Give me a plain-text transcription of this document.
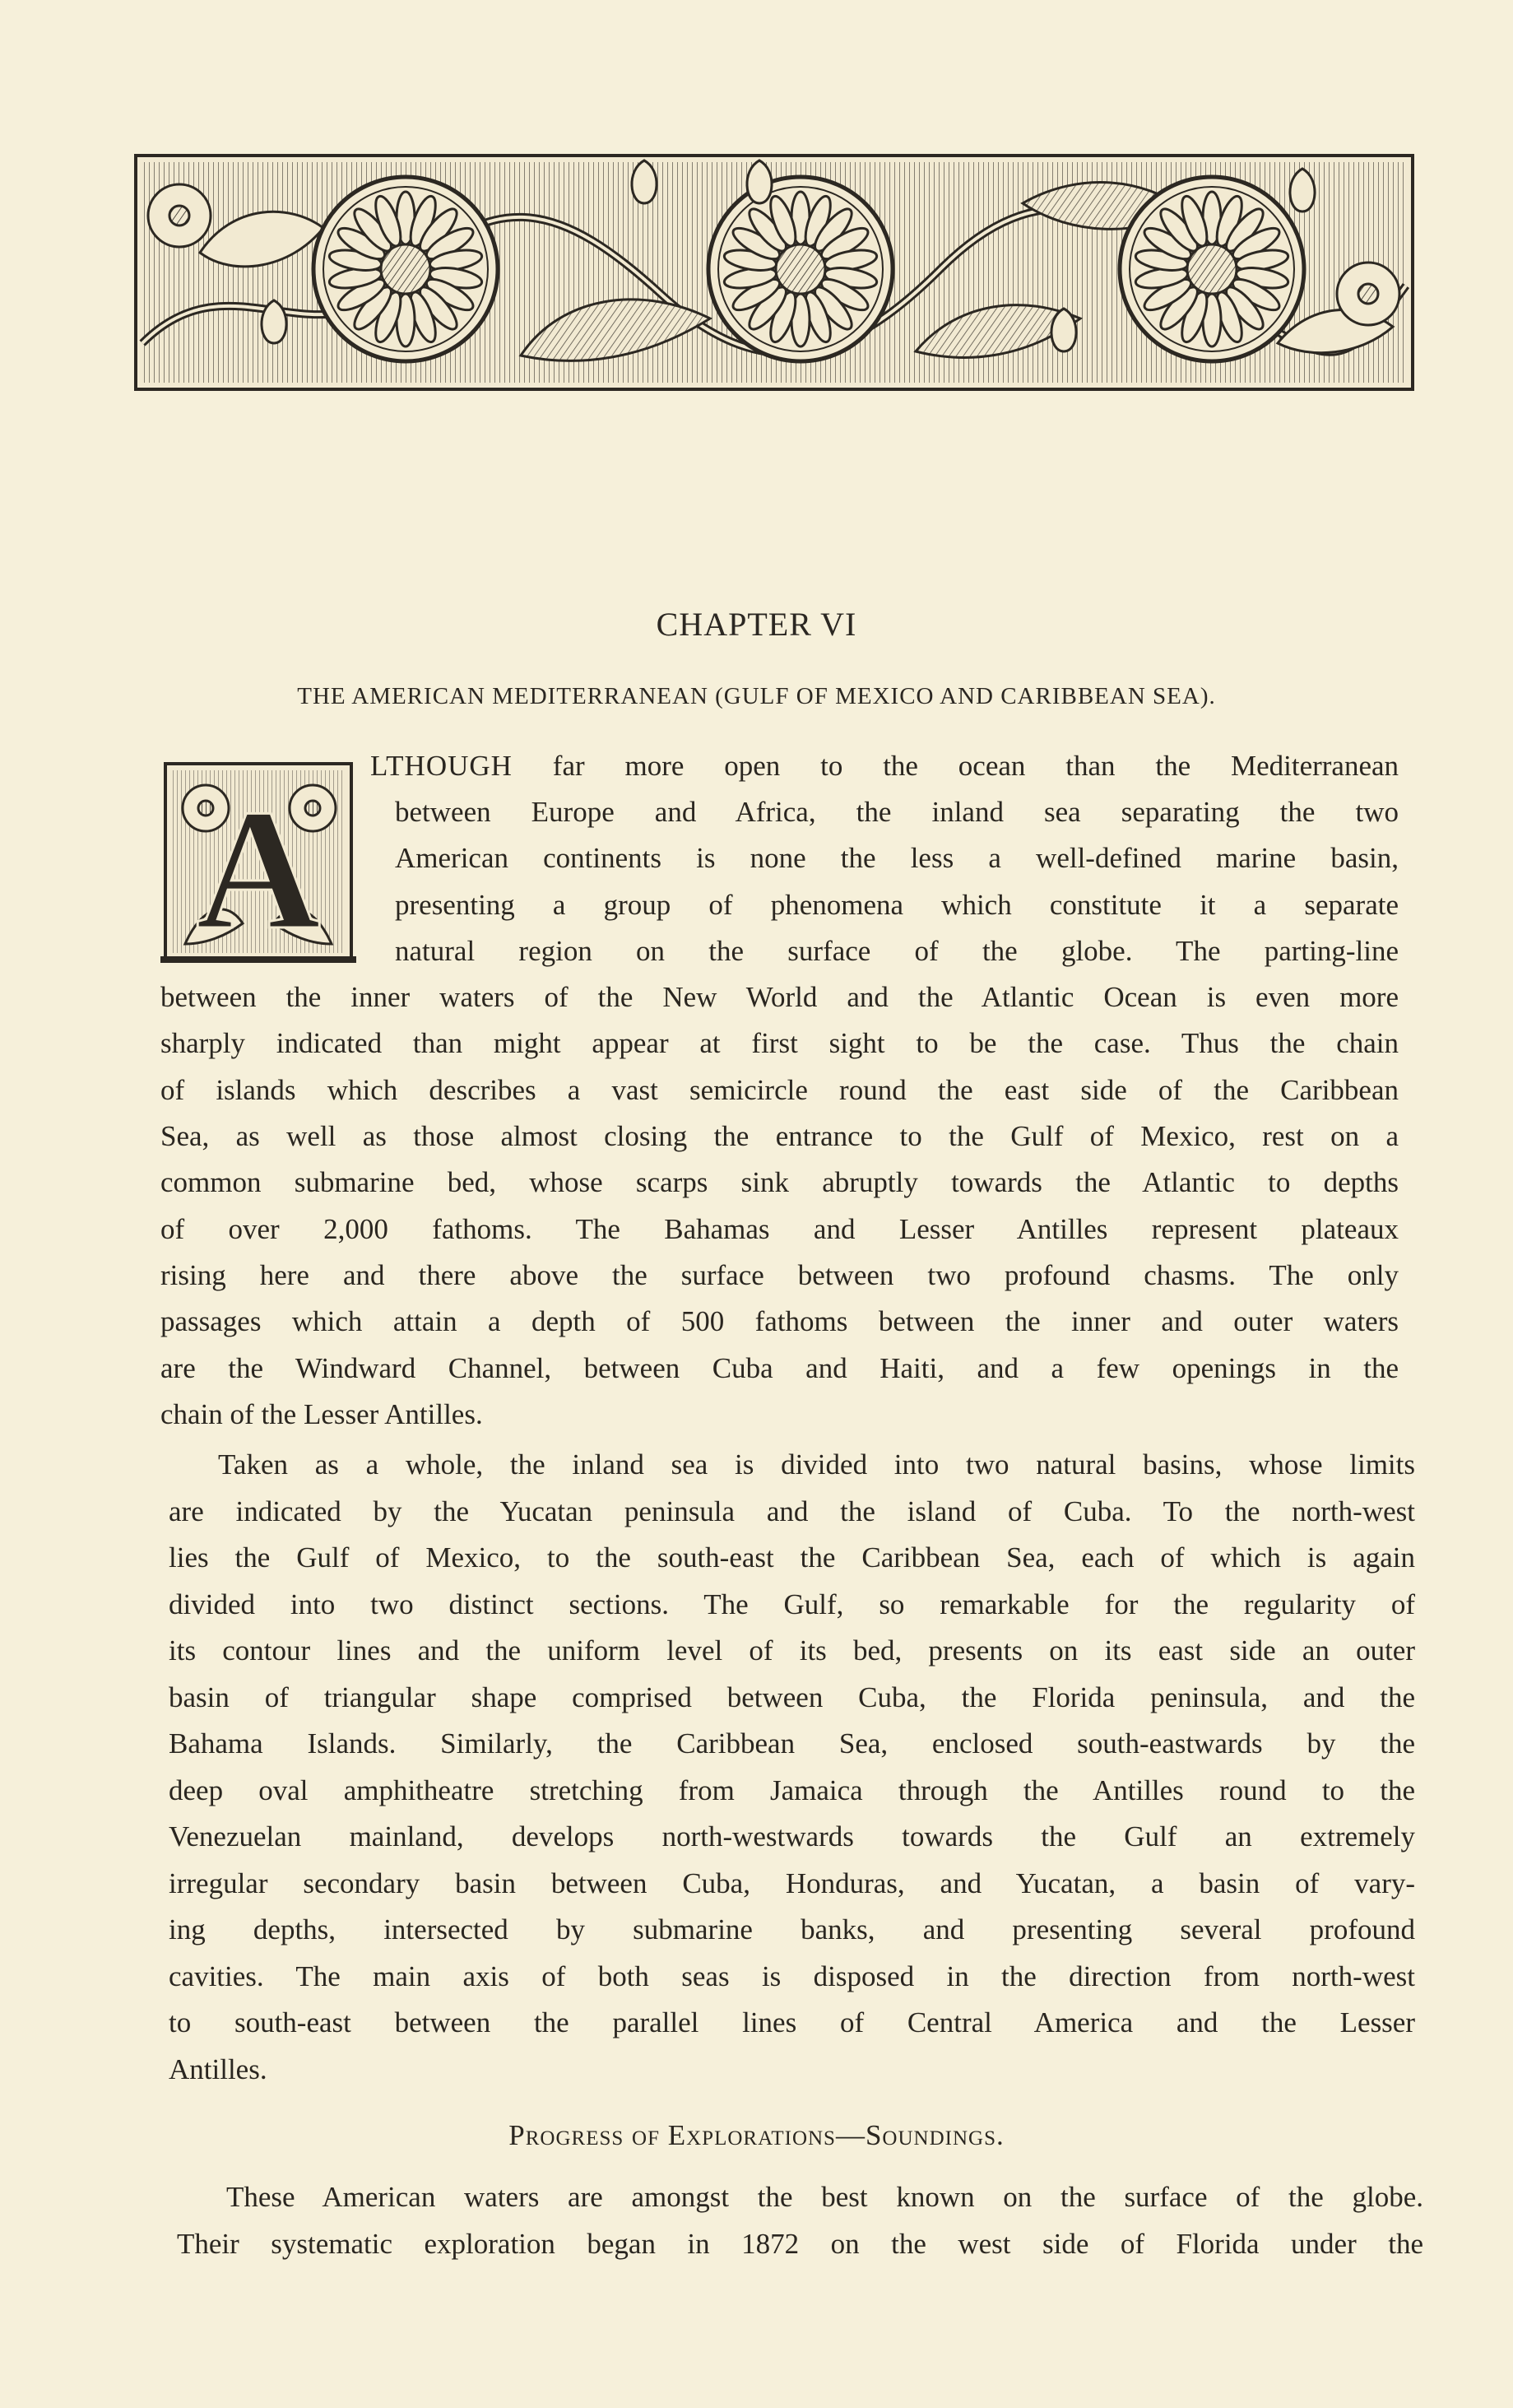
CHAPTER VI
THE AMERICAN MEDITERRANEAN (GULF OF MEXICO AND CARIBBEAN SEA).
A
LTHOUGH far more open to the ocean than the Mediterranean
between Europe and Africa, the inland sea separating the two
American continents is none the less a well-defined marine basin,
presenting a group of phenomena which constitute it a separate
natural region on the surface of the globe. The parting-line
between the inner waters of the New World and the Atlantic Ocean is even more
sharply indicated than might appear at first sight to be the case. Thus the chain
of islands which describes a vast semicircle round the east side of the Caribbean
Sea, as well as those almost closing the entrance to the Gulf of Mexico, rest on a
common submarine bed, whose scarps sink abruptly towards the Atlantic to depths
of over 2,000 fathoms. The Bahamas and Lesser Antilles represent plateaux
rising here and there above the surface between two profound chasms. The only
passages which attain a depth of 500 fathoms between the inner and outer waters
are the Windward Channel, between Cuba and Haiti, and a few openings in the
chain of the Lesser Antilles.
Taken as a whole, the inland sea is divided into two natural basins, whose limits
are indicated by the Yucatan peninsula and the island of Cuba. To the north-west
lies the Gulf of Mexico, to the south-east the Caribbean Sea, each of which is again
divided into two distinct sections. The Gulf, so remarkable for the regularity of
its contour lines and the uniform level of its bed, presents on its east side an outer
basin of triangular shape comprised between Cuba, the Florida peninsula, and the
Bahama Islands. Similarly, the Caribbean Sea, enclosed south-eastwards by the
deep oval amphitheatre stretching from Jamaica through the Antilles round to the
Venezuelan mainland, develops north-westwards towards the Gulf an extremely
irregular secondary basin between Cuba, Honduras, and Yucatan, a basin of vary-
ing depths, intersected by submarine banks, and presenting several profound
cavities. The main axis of both seas is disposed in the direction from north-west
to south-east between the parallel lines of Central America and the Lesser
Antilles.
Progress of Explorations—Soundings.
These American waters are amongst the best known on the surface of the globe.
Their systematic exploration began in 1872 on the west side of Florida under the
